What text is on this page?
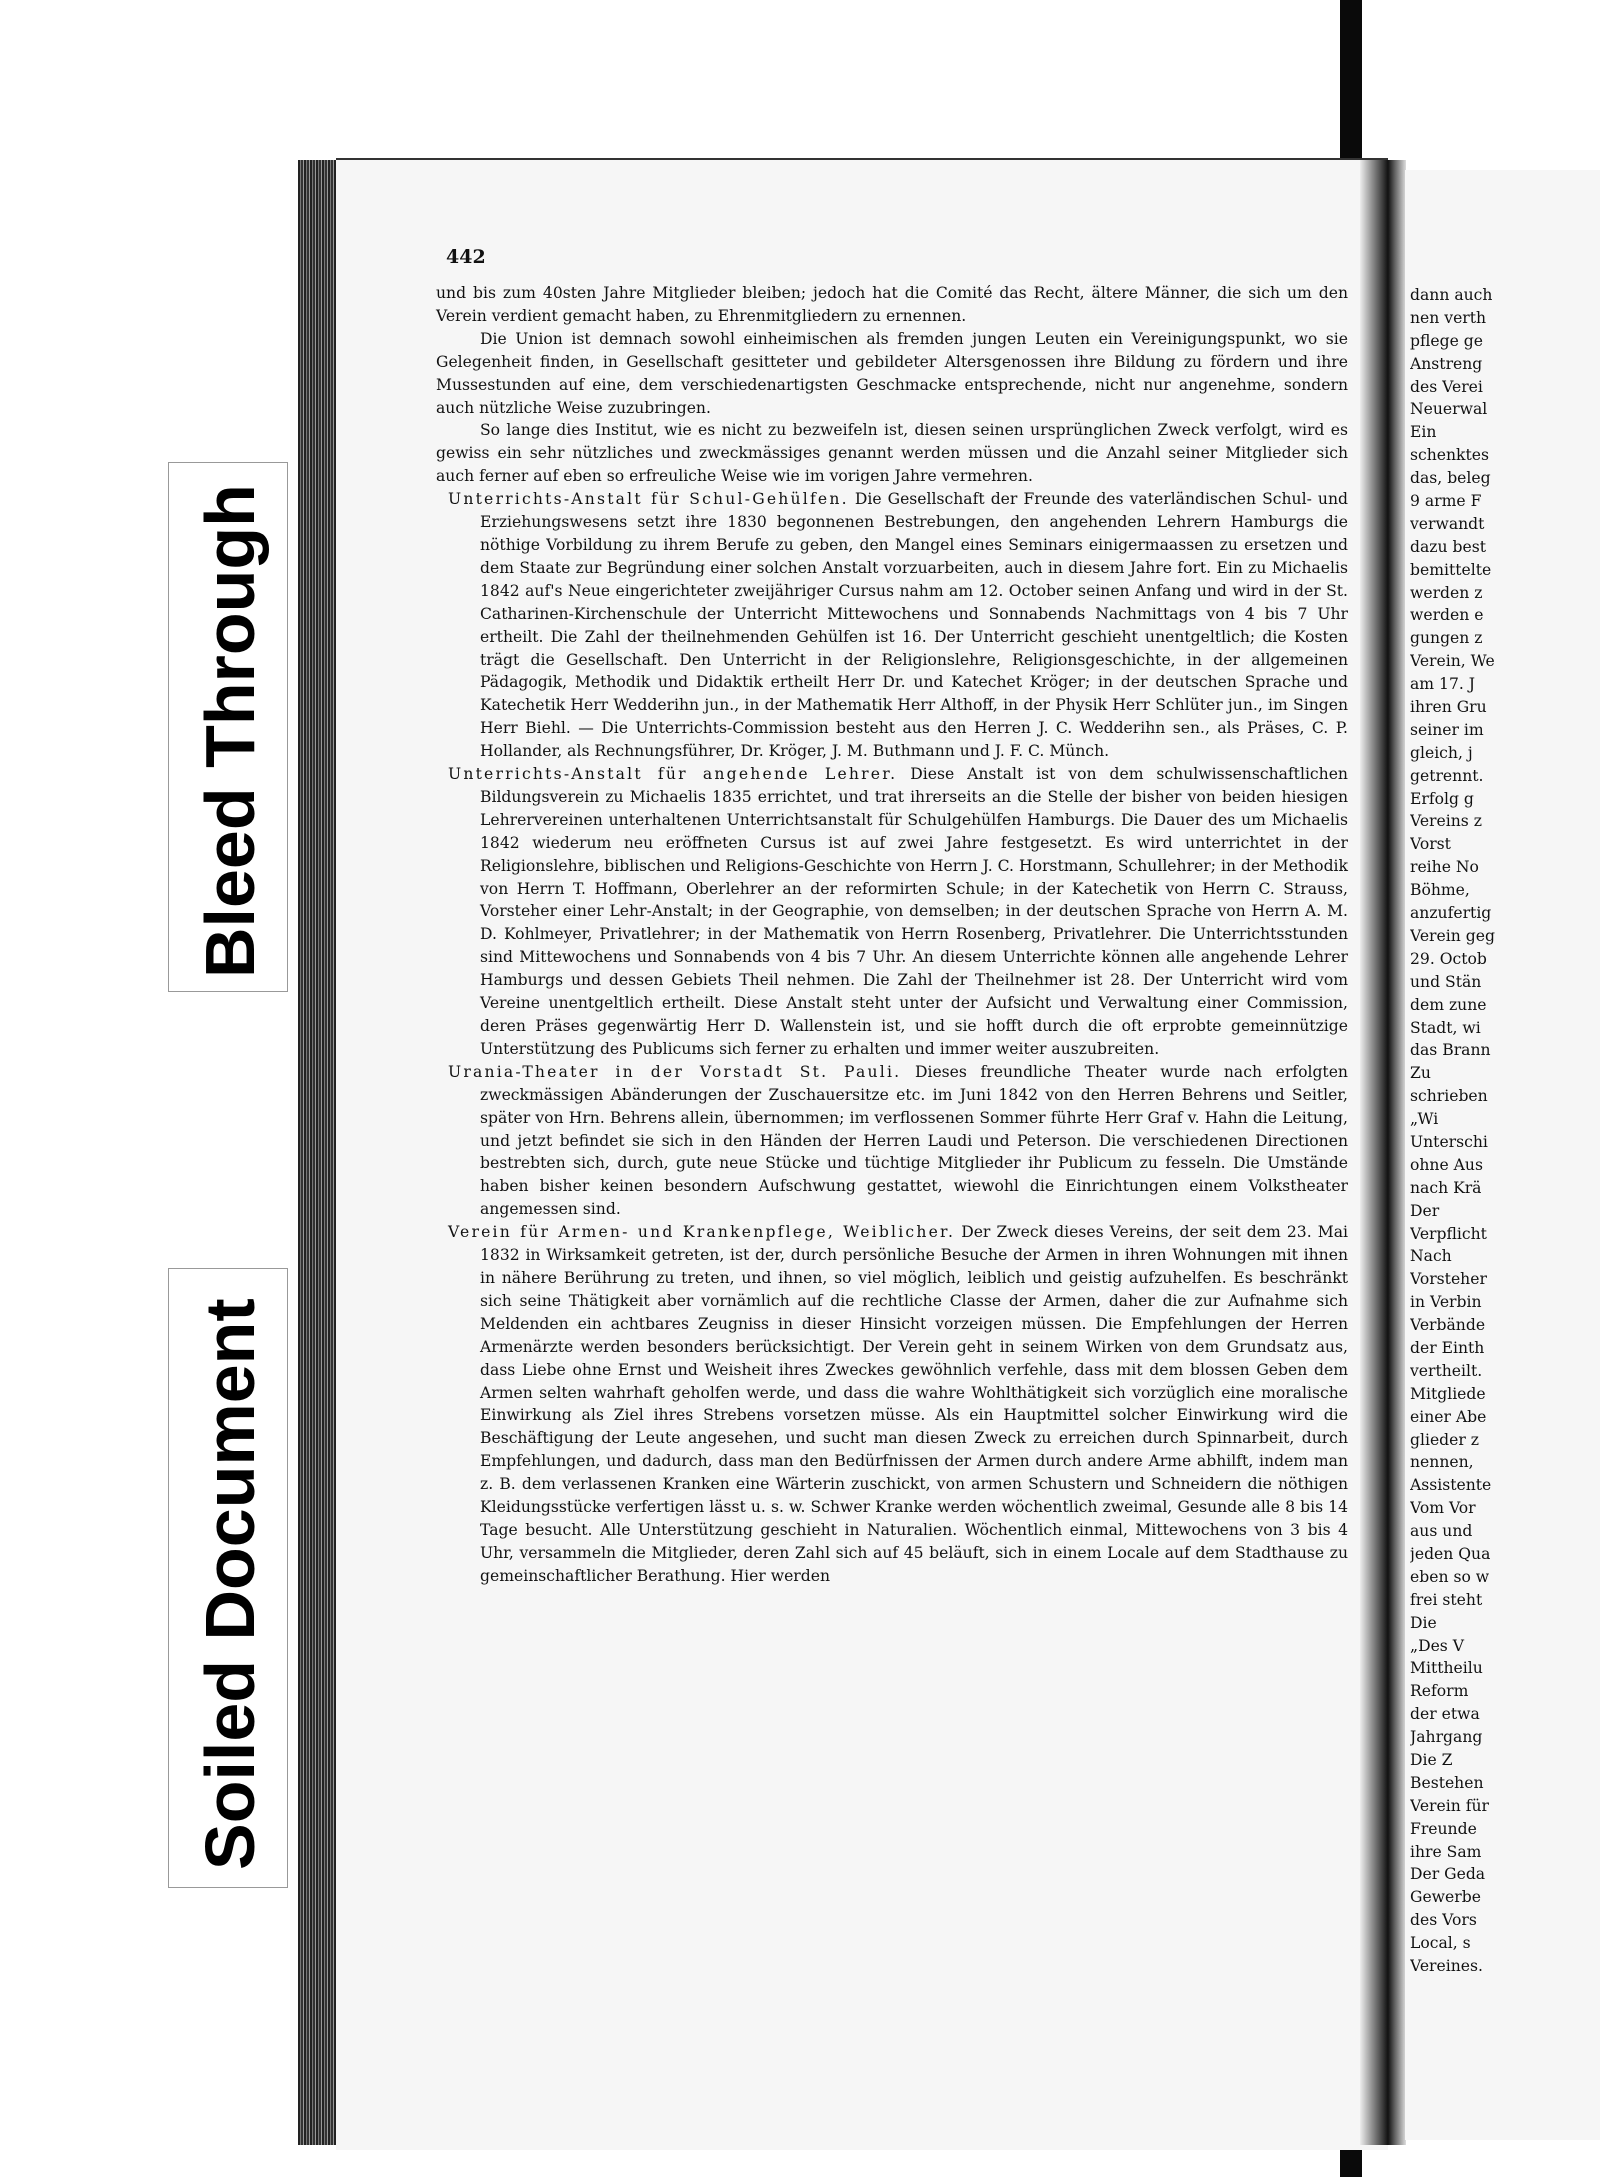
Bleed Through
Soiled Document
442

und bis zum 40sten Jahre Mitglieder bleiben; jedoch hat die Comité das Recht, ältere Männer, die sich um den Verein verdient gemacht haben, zu Ehrenmitgliedern zu ernennen.

Die Union ist demnach sowohl einheimischen als fremden jungen Leuten ein Vereinigungspunkt, wo sie Gelegenheit finden, in Gesellschaft gesitteter und gebildeter Altersgenossen ihre Bildung zu fördern und ihre Mussestunden auf eine, dem verschiedenartigsten Geschmacke entsprechende, nicht nur angenehme, sondern auch nützliche Weise zuzubringen.

So lange dies Institut, wie es nicht zu bezweifeln ist, diesen seinen ursprünglichen Zweck verfolgt, wird es gewiss ein sehr nützliches und zweckmässiges genannt werden müssen und die Anzahl seiner Mitglieder sich auch ferner auf eben so erfreuliche Weise wie im vorigen Jahre vermehren.

Unterrichts-Anstalt für Schul-Gehülfen. Die Gesellschaft der Freunde des vaterländischen Schul- und Erziehungswesens setzt ihre 1830 begonnenen Bestrebungen, den angehenden Lehrern Hamburgs die nöthige Vorbildung zu ihrem Berufe zu geben, den Mangel eines Seminars einigermaassen zu ersetzen und dem Staate zur Begründung einer solchen Anstalt vorzuarbeiten, auch in diesem Jahre fort. Ein zu Michaelis 1842 auf's Neue eingerichteter zweijähriger Cursus nahm am 12. October seinen Anfang und wird in der St. Catharinen-Kirchenschule der Unterricht Mittewochens und Sonnabends Nachmittags von 4 bis 7 Uhr ertheilt. Die Zahl der theilnehmenden Gehülfen ist 16. Der Unterricht geschieht unentgeltlich; die Kosten trägt die Gesellschaft. Den Unterricht in der Religionslehre, Religionsgeschichte, in der allgemeinen Pädagogik, Methodik und Didaktik ertheilt Herr Dr. und Katechet Kröger; in der deutschen Sprache und Katechetik Herr Wedderihn jun., in der Mathematik Herr Althoff, in der Physik Herr Schlüter jun., im Singen Herr Biehl. — Die Unterrichts-Commission besteht aus den Herren J. C. Wedderihn sen., als Präses, C. P. Hollander, als Rechnungsführer, Dr. Kröger, J. M. Buthmann und J. F. C. Münch.

Unterrichts-Anstalt für angehende Lehrer. Diese Anstalt ist von dem schulwissenschaftlichen Bildungsverein zu Michaelis 1835 errichtet, und trat ihrerseits an die Stelle der bisher von beiden hiesigen Lehrervereinen unterhaltenen Unterrichtsanstalt für Schulgehülfen Hamburgs. Die Dauer des um Michaelis 1842 wiederum neu eröffneten Cursus ist auf zwei Jahre festgesetzt. Es wird unterrichtet in der Religionslehre, biblischen und Religions-Geschichte von Herrn J. C. Horstmann, Schullehrer; in der Methodik von Herrn T. Hoffmann, Oberlehrer an der reformirten Schule; in der Katechetik von Herrn C. Strauss, Vorsteher einer Lehr-Anstalt; in der Geographie, von demselben; in der deutschen Sprache von Herrn A. M. D. Kohlmeyer, Privatlehrer; in der Mathematik von Herrn Rosenberg, Privatlehrer. Die Unterrichtsstunden sind Mittewochens und Sonnabends von 4 bis 7 Uhr. An diesem Unterrichte können alle angehende Lehrer Hamburgs und dessen Gebiets Theil nehmen. Die Zahl der Theilnehmer ist 28. Der Unterricht wird vom Vereine unentgeltlich ertheilt. Diese Anstalt steht unter der Aufsicht und Verwaltung einer Commission, deren Präses gegenwärtig Herr D. Wallenstein ist, und sie hofft durch die oft erprobte gemeinnützige Unterstützung des Publicums sich ferner zu erhalten und immer weiter auszubreiten.

Urania-Theater in der Vorstadt St. Pauli. Dieses freundliche Theater wurde nach erfolgten zweckmässigen Abänderungen der Zuschauersitze etc. im Juni 1842 von den Herren Behrens und Seitler, später von Hrn. Behrens allein, übernommen; im verflossenen Sommer führte Herr Graf v. Hahn die Leitung, und jetzt befindet sie sich in den Händen der Herren Laudi und Peterson. Die verschiedenen Directionen bestrebten sich, durch, gute neue Stücke und tüchtige Mitglieder ihr Publicum zu fesseln. Die Umstände haben bisher keinen besondern Aufschwung gestattet, wiewohl die Einrichtungen einem Volkstheater angemessen sind.

Verein für Armen- und Krankenpflege, Weiblicher. Der Zweck dieses Vereins, der seit dem 23. Mai 1832 in Wirksamkeit getreten, ist der, durch persönliche Besuche der Armen in ihren Wohnungen mit ihnen in nähere Berührung zu treten, und ihnen, so viel möglich, leiblich und geistig aufzuhelfen. Es beschränkt sich seine Thätigkeit aber vornämlich auf die rechtliche Classe der Armen, daher die zur Aufnahme sich Meldenden ein achtbares Zeugniss in dieser Hinsicht vorzeigen müssen. Die Empfehlungen der Herren Armenärzte werden besonders berücksichtigt. Der Verein geht in seinem Wirken von dem Grundsatz aus, dass Liebe ohne Ernst und Weisheit ihres Zweckes gewöhnlich verfehle, dass mit dem blossen Geben dem Armen selten wahrhaft geholfen werde, und dass die wahre Wohlthätigkeit sich vorzüglich eine moralische Einwirkung als Ziel ihres Strebens vorsetzen müsse. Als ein Hauptmittel solcher Einwirkung wird die Beschäftigung der Leute angesehen, und sucht man diesen Zweck zu erreichen durch Spinnarbeit, durch Empfehlungen, und dadurch, dass man den Bedürfnissen der Armen durch andere Arme abhilft, indem man z. B. dem verlassenen Kranken eine Wärterin zuschickt, von armen Schustern und Schneidern die nöthigen Kleidungsstücke verfertigen lässt u. s. w. Schwer Kranke werden wöchentlich zweimal, Gesunde alle 8 bis 14 Tage besucht. Alle Unterstützung geschieht in Naturalien. Wöchentlich einmal, Mittewochens von 3 bis 4 Uhr, versammeln die Mitglieder, deren Zahl sich auf 45 beläuft, sich in einem Locale auf dem Stadthause zu gemeinschaftlicher Berathung. Hier werden

dann auch
nen verth
pflege ge
Anstreng
des Verei
Neuerwal
Ein
schenktes
das, beleg
9 arme F
verwandt
dazu best
bemittelte
werden z
werden e
gungen z
Verein, We
am 17. J
ihren Gru
seiner im
gleich, j
getrennt.
Erfolg g
Vereins z
Vorst
reihe No
Böhme,
anzufertig
Verein geg
29. Octob
und Stän
dem zune
Stadt, wi
das Brann
Zu
schrieben
„Wi
Unterschi
ohne Aus
nach Krä
Der
Verpflicht
Nach
Vorsteher
in Verbin
Verbände
der Einth
vertheilt.
Mitgliede
einer Abe
glieder z
nennen,
Assistente
Vom Vor
aus und
jeden Qua
eben so w
frei steht
Die
„Des V
Mittheilu
Reform
der etwa
Jahrgang
Die Z
Bestehen
Verein für
Freunde
ihre Sam
Der Geda
Gewerbe
des Vors
Local, s
Vereines.
